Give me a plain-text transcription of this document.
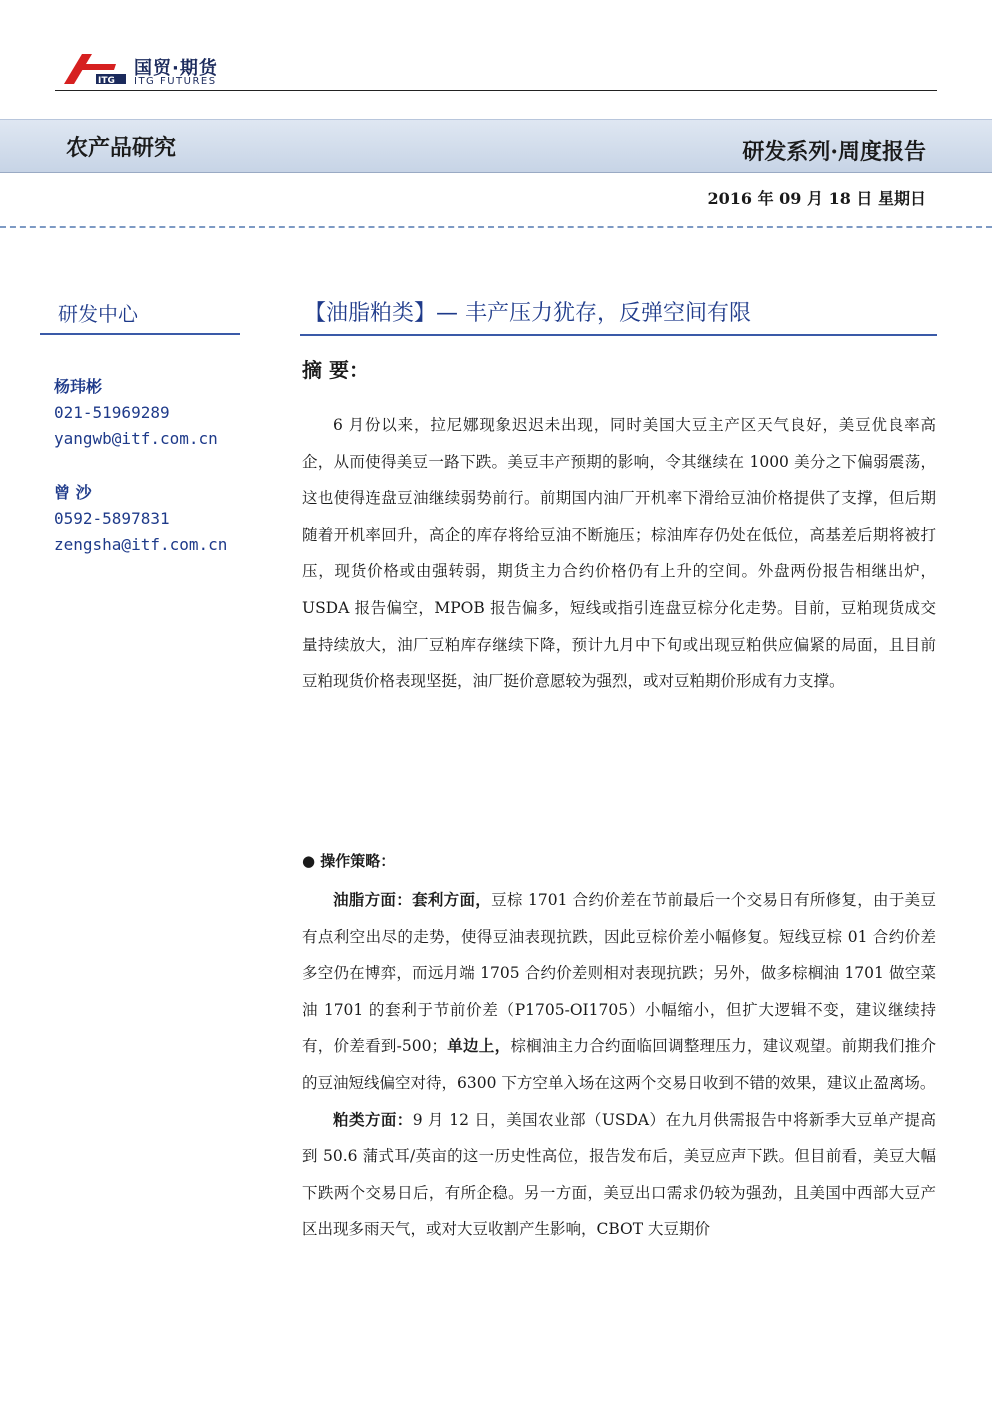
ITG
国贸·期货
ITG FUTURES
农产品研究	研发系列·周度报告
2016 年 09 月 18 日 星期日
研发中心
杨玮彬
021-51969289
yangwb@itf.com.cn
曾 沙
0592-5897831
zengsha@itf.com.cn
【油脂粕类】— 丰产压力犹存，反弹空间有限
摘 要：

6 月份以来，拉尼娜现象迟迟未出现，同时美国大豆主产区天气良好，美豆优良率高企，从而使得美豆一路下跌。美豆丰产预期的影响，令其继续在 1000 美分之下偏弱震荡，这也使得连盘豆油继续弱势前行。前期国内油厂开机率下滑给豆油价格提供了支撑，但后期随着开机率回升，高企的库存将给豆油不断施压；棕油库存仍处在低位，高基差后期将被打压，现货价格或由强转弱，期货主力合约价格仍有上升的空间。外盘两份报告相继出炉，USDA 报告偏空，MPOB 报告偏多，短线或指引连盘豆棕分化走势。目前，豆粕现货成交量持续放大，油厂豆粕库存继续下降，预计九月中下旬或出现豆粕供应偏紧的局面，且目前豆粕现货价格表现坚挺，油厂挺价意愿较为强烈，或对豆粕期价形成有力支撑。

● 操作策略：

油脂方面：套利方面，豆棕 1701 合约价差在节前最后一个交易日有所修复，由于美豆有点利空出尽的走势，使得豆油表现抗跌，因此豆棕价差小幅修复。短线豆棕 01 合约价差多空仍在博弈，而远月端 1705 合约价差则相对表现抗跌；另外，做多棕榈油 1701 做空菜油 1701 的套利于节前价差（P1705-OI1705）小幅缩小，但扩大逻辑不变，建议继续持有，价差看到-500；单边上，棕榈油主力合约面临回调整理压力，建议观望。前期我们推介的豆油短线偏空对待，6300 下方空单入场在这两个交易日收到不错的效果，建议止盈离场。

粕类方面：9 月 12 日，美国农业部（USDA）在九月供需报告中将新季大豆单产提高到 50.6 蒲式耳/英亩的这一历史性高位，报告发布后，美豆应声下跌。但目前看，美豆大幅下跌两个交易日后，有所企稳。另一方面，美豆出口需求仍较为强劲，且美国中西部大豆产区出现多雨天气，或对大豆收割产生影响，CBOT 大豆期价
